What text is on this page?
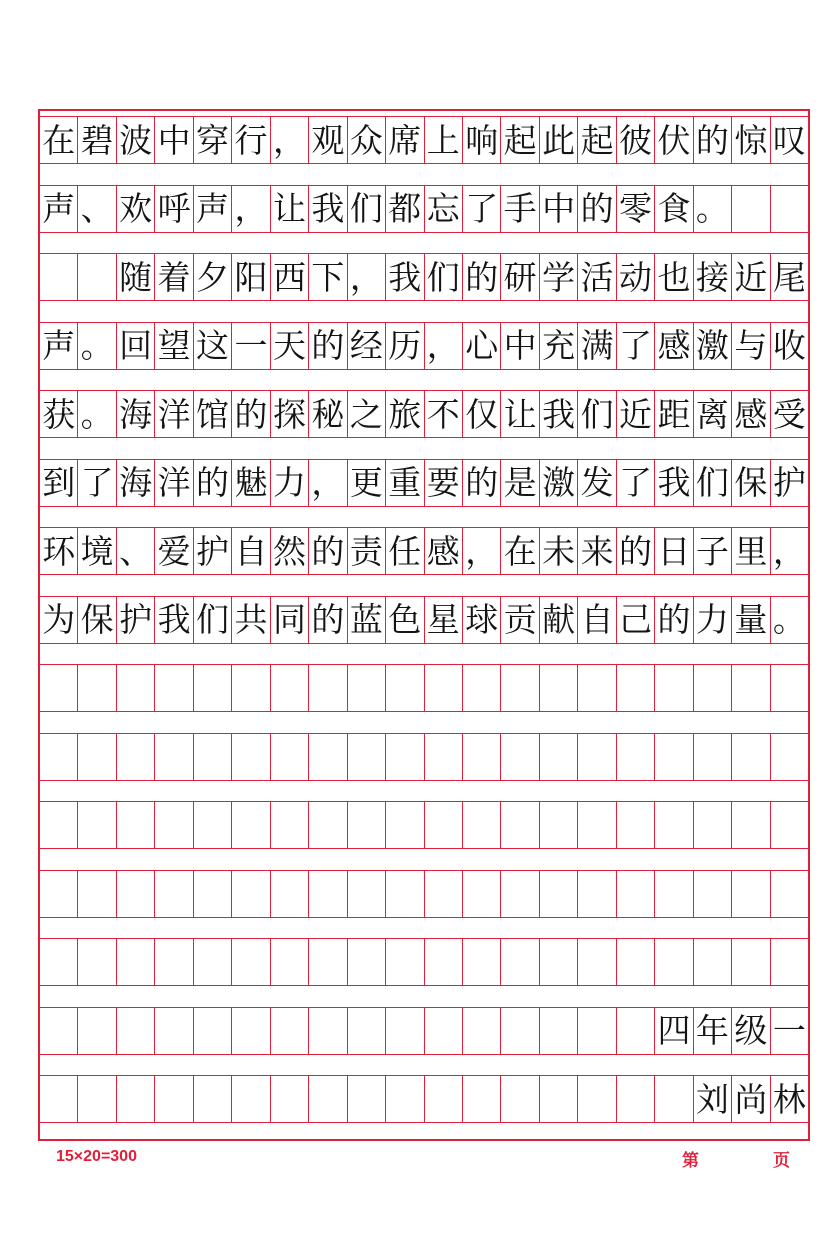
在 碧 波 中 穿 行 ， 观 众 席 上 响 起 此 起 彼 伏 的 惊 叹
声 、 欢 呼 声 ， 让 我 们 都 忘 了 手 中 的 零 食 。
随 着 夕 阳 西 下 ， 我 们 的 研 学 活 动 也 接 近 尾
声 。 回 望 这 一 天 的 经 历 ， 心 中 充 满 了 感 激 与 收
获 。 海 洋 馆 的 探 秘 之 旅 不 仅 让 我 们 近 距 离 感 受
到 了 海 洋 的 魅 力 ， 更 重 要 的 是 激 发 了 我 们 保 护
环 境 、 爱 护 自 然 的 责 任 感 ， 在 未 来 的 日 子 里 ，
为 保 护 我 们 共 同 的 蓝 色 星 球 贡 献 自 己 的 力 量 。
四 年 级 一
刘 尚 林
15×20=300	第	页
